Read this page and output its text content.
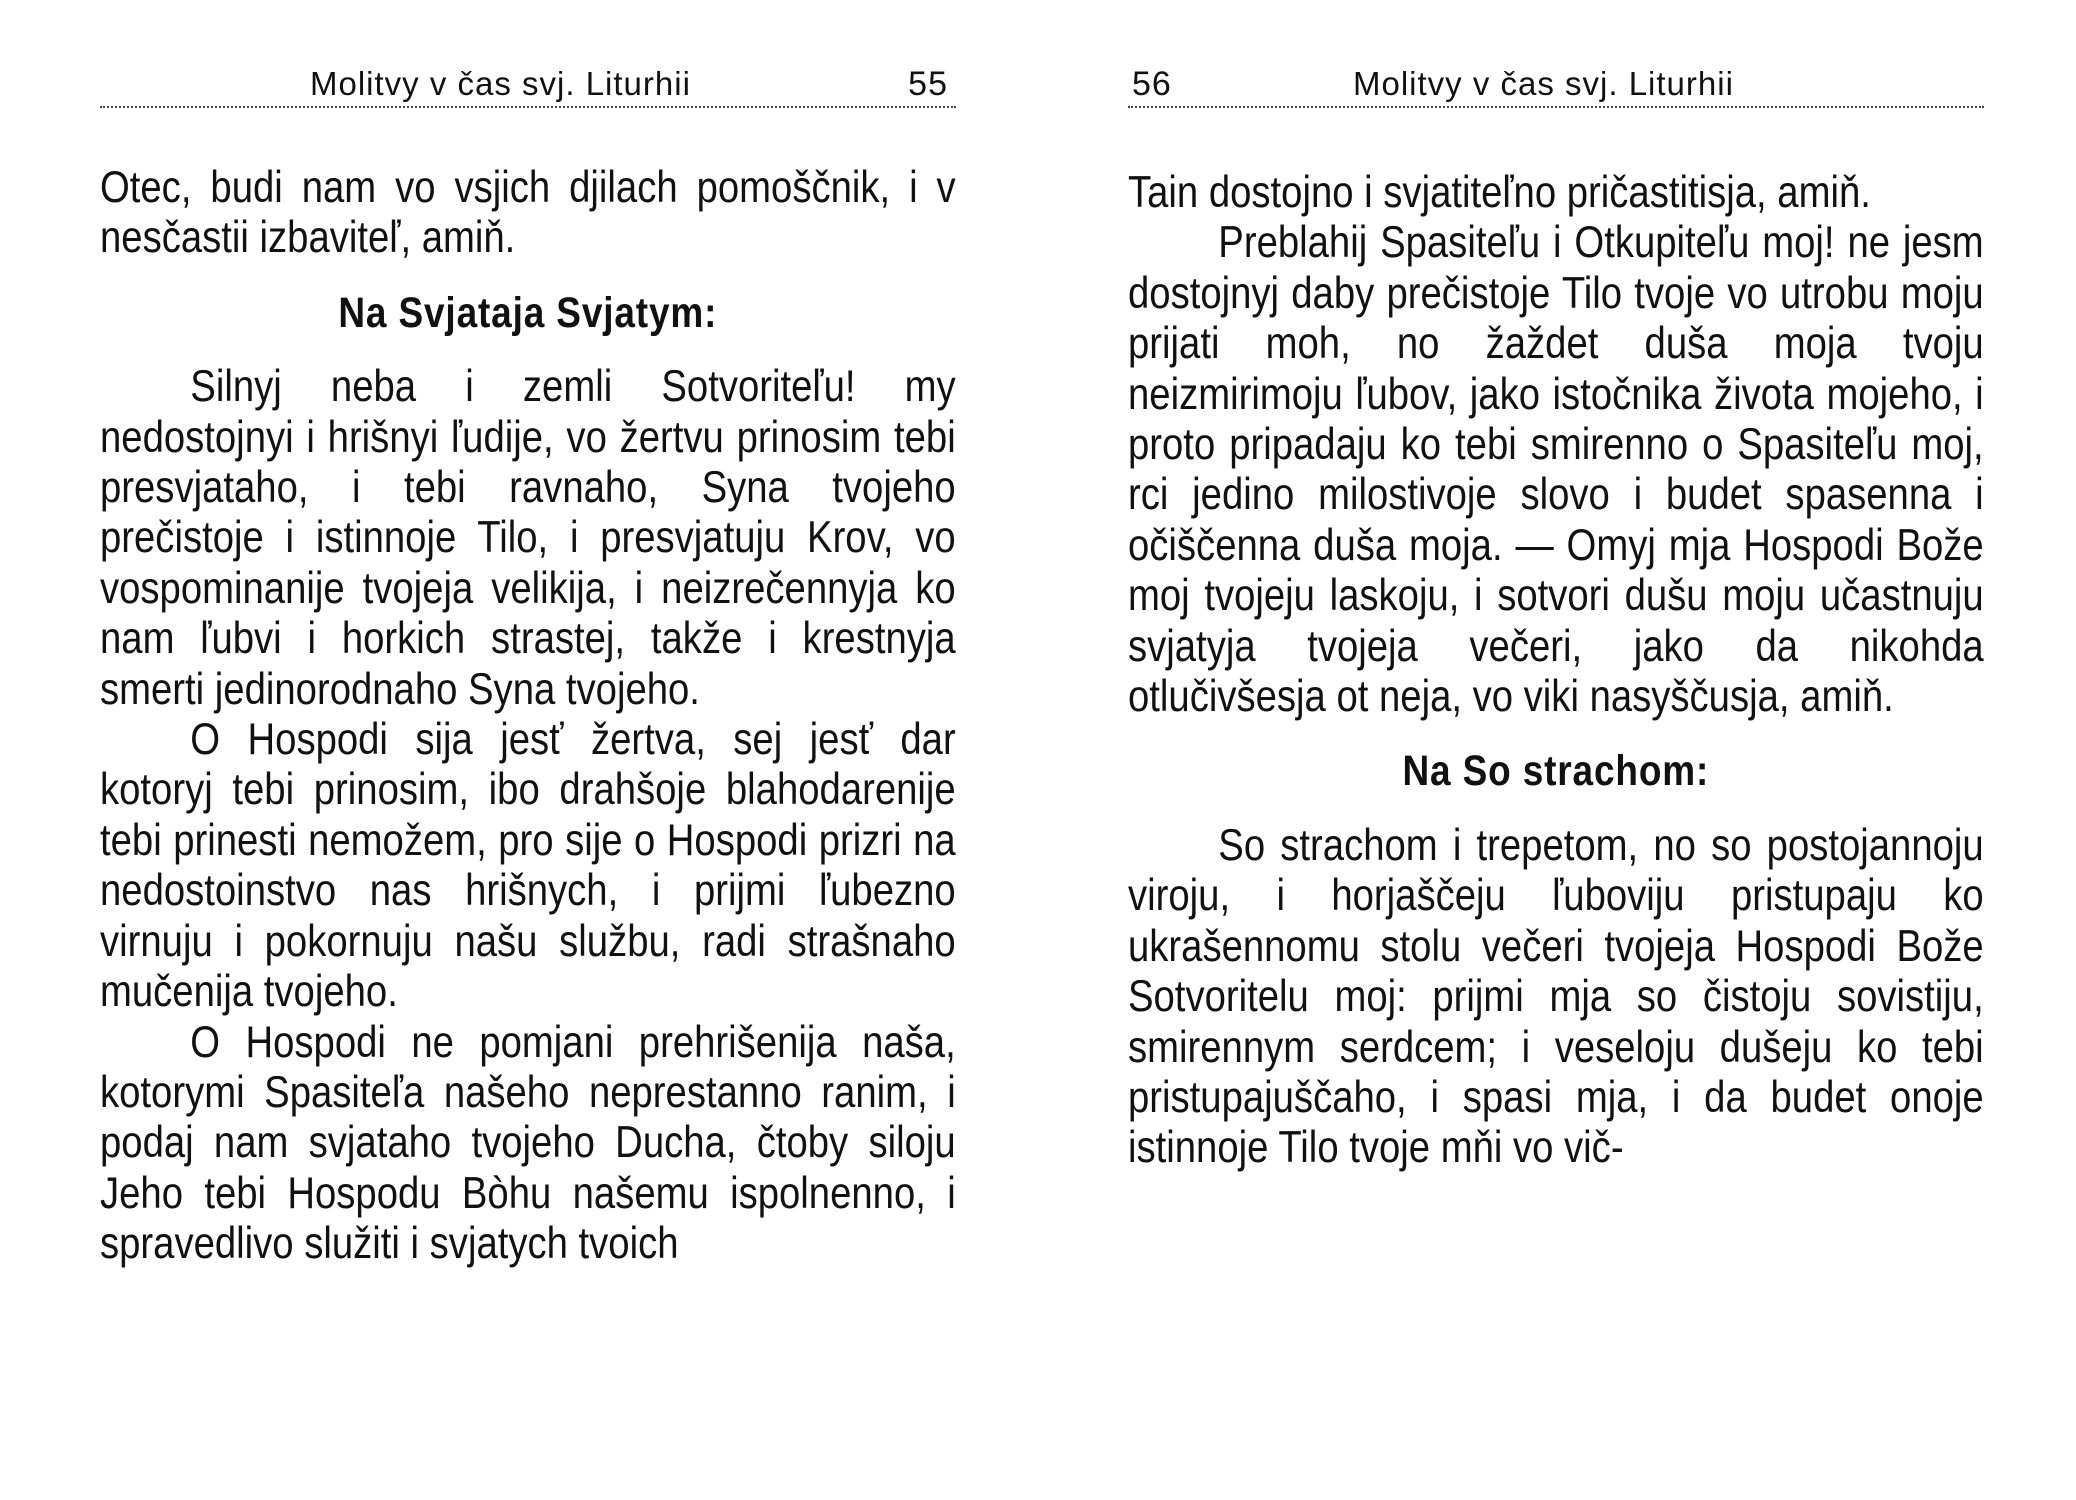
Molitvy v čas svj. Liturhii	55

Otec, budi nam vo vsjich djilach pomoščnik, i v nesčastii izbaviteľ, amiň.

Na Svjataja Svjatym:

Silnyj neba i zemli Sotvoriteľu! my nedostojnyi i hrišnyi ľudije, vo žertvu prinosim tebi presvjataho, i tebi ravnaho, Syna tvojeho prečistoje i istinnoje Tilo, i presvjatuju Krov, vo vospominanije tvojeja velikija, i neizrečennyja ko nam ľubvi i horkich strastej, takže i krestnyja smerti jedinorodnaho Syna tvojeho.

O Hospodi sija jesť žertva, sej jesť dar kotoryj tebi prinosim, ibo drahšoje blahodarenije tebi prinesti nemožem, pro sije o Hospodi prizri na nedostoinstvo nas hrišnych, i prijmi ľubezno virnuju i pokornuju našu službu, radi strašnaho mučenija tvojeho.

O Hospodi ne pomjani prehrišenija naša, kotorymi Spasiteľa našeho neprestanno ranim, i podaj nam svjataho tvojeho Ducha, čtoby siloju Jeho tebi Hospodu Bòhu našemu ispolnenno, i spravedlivo služiti i svjatych tvoich

56	Molitvy v čas svj. Liturhii

Tain dostojno i svjatiteľno pričastitisja, amiň.

Preblahij Spasiteľu i Otkupiteľu moj! ne jesm dostojnyj daby prečistoje Tilo tvoje vo utrobu moju prijati moh, no žaždet duša moja tvoju neizmirimoju ľubov, jako istočnika života mojeho, i proto pripadaju ko tebi smirenno o Spasiteľu moj, rci jedino milostivoje slovo i budet spasenna i očiščenna duša moja. — Omyj mja Hospodi Bože moj tvojeju laskoju, i sotvori dušu moju učastnuju svjatyja tvojeja večeri, jako da nikohda otlučivšesja ot neja, vo viki nasyščusja, amiň.

Na So strachom:

So strachom i trepetom, no so postojannoju viroju, i horjaščeju ľuboviju pristupaju ko ukrašennomu stolu večeri tvojeja Hospodi Bože Sotvoritelu moj: prijmi mja so čistoju sovistiju, smirennym serdcem; i veseloju dušeju ko tebi pristupajuščaho, i spasi mja, i da budet onoje istinnoje Tilo tvoje mňi vo vič-
